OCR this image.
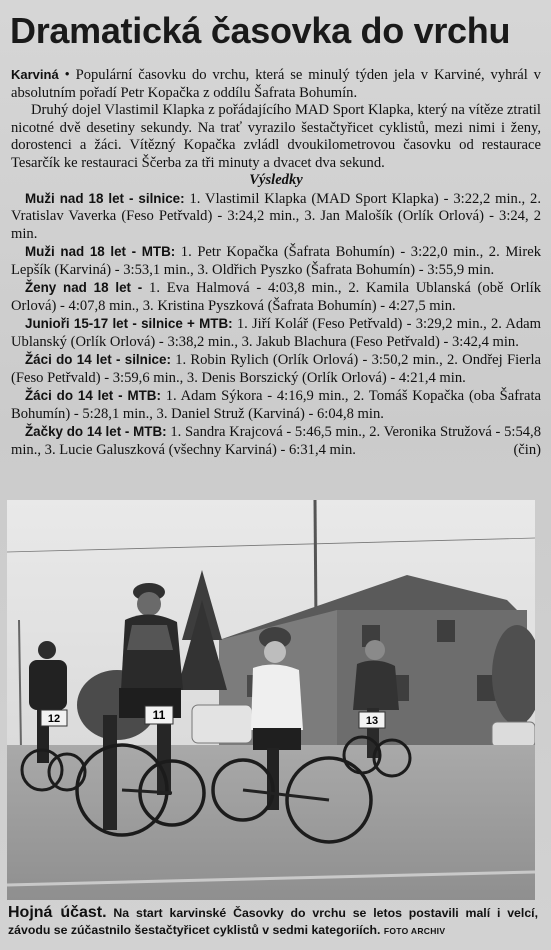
Dramatická časovka do vrchu

Karviná • Populární časovku do vrchu, která se minulý týden jela v Karviné, vyhrál v absolutním pořadí Petr Kopačka z oddílu Šafrata Bohumín.

Druhý dojel Vlastimil Klapka z pořádajícího MAD Sport Klapka, který na vítěze ztratil nicotné dvě desetiny sekundy. Na trať vyrazilo šestačtyřicet cyklistů, mezi nimi i ženy, dorostenci a žáci. Vítězný Kopačka zvládl dvoukilometrovou časovku od restaurace Tesarčík ke restauraci Ščerba za tři minuty a dvacet dva sekund.

Výsledky

Muži nad 18 let - silnice: 1. Vlastimil Klapka (MAD Sport Klapka) - 3:22,2 min., 2. Vratislav Vaverka (Feso Petřvald) - 3:24,2 min., 3. Jan Malošík (Orlík Orlová) - 3:24, 2 min.

Muži nad 18 let - MTB: 1. Petr Kopačka (Šafrata Bohumín) - 3:22,0 min., 2. Mirek Lepšík (Karviná) - 3:53,1 min., 3. Oldřich Pyszko (Šafrata Bohumín) - 3:55,9 min.

Ženy nad 18 let - 1. Eva Halmová - 4:03,8 min., 2. Kamila Ublanská (obě Orlík Orlová) - 4:07,8 min., 3. Kristina Pyszková (Šafrata Bohumín) - 4:27,5 min.

Junioři 15-17 let - silnice + MTB: 1. Jiří Kolář (Feso Petřvald) - 3:29,2 min., 2. Adam Ublanský (Orlík Orlová) - 3:38,2 min., 3. Jakub Blachura (Feso Petřvald) - 3:42,4 min.

Žáci do 14 let - silnice: 1. Robin Rylich (Orlík Orlová) - 3:50,2 min., 2. Ondřej Fierla (Feso Petřvald) - 3:59,6 min., 3. Denis Borszický (Orlík Orlová) - 4:21,4 min.

Žáci do 14 let - MTB: 1. Adam Sýkora - 4:16,9 min., 2. Tomáš Kopačka (oba Šafrata Bohumín) - 5:28,1 min., 3. Daniel Struž (Karviná) - 6:04,8 min.

Žačky do 14 let - MTB: 1. Sandra Krajcová - 5:46,5 min., 2. Veronika Stružová - 5:54,8 min., 3. Lucie Galuszková (všechny Karviná) - 6:31,4 min.	(čin)
12	11	13
Hojná účast. Na start karvinské Časovky do vrchu se letos postavili malí i velcí, závodu se zúčastnilo šestačtyřicet cyklistů v sedmi kategoriích. FOTO ARCHIV
